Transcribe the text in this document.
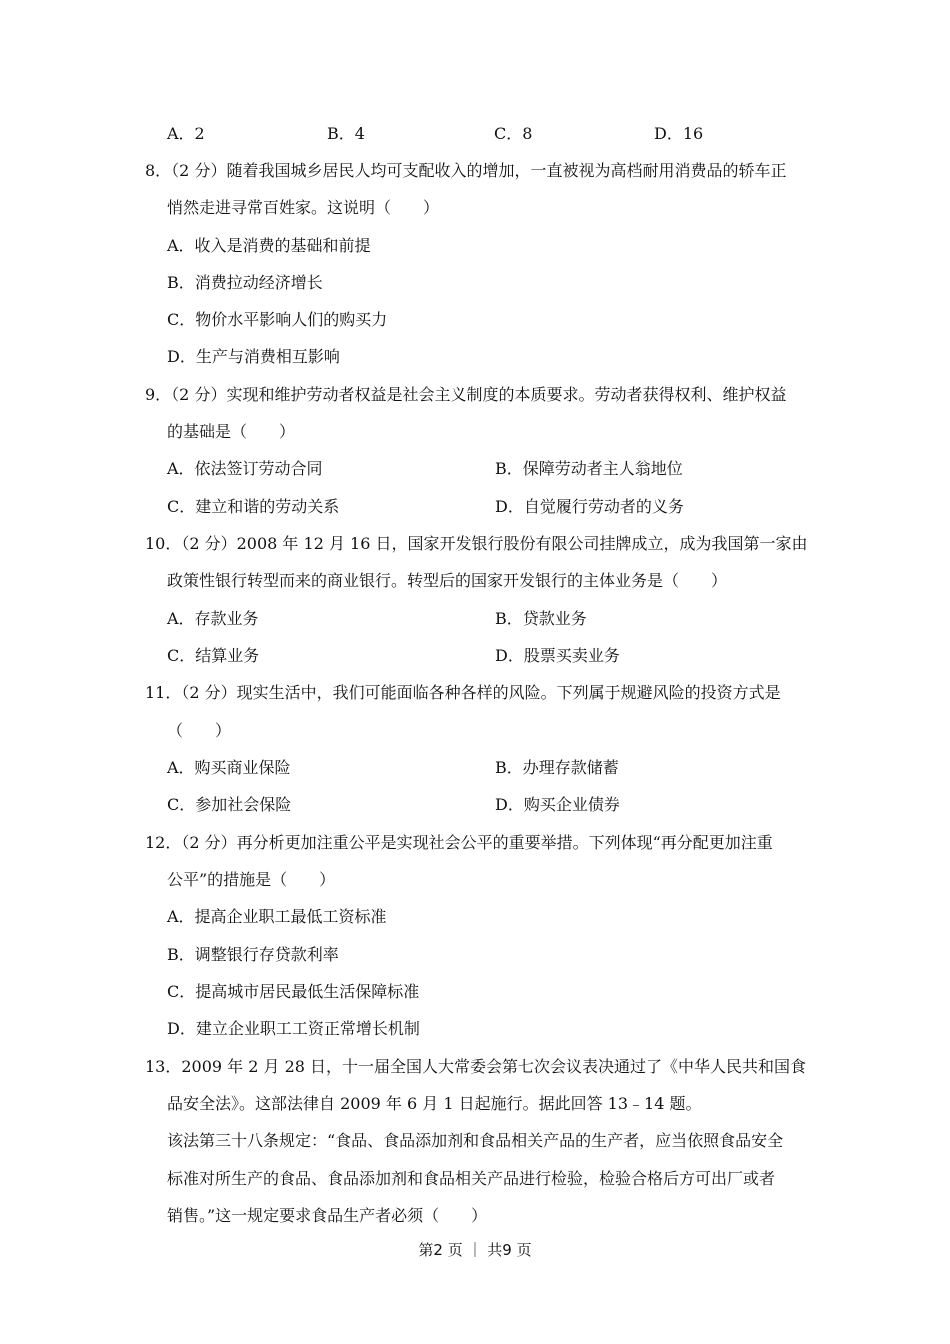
A．2	B．4	C．8	D．16
8．（2 分）随着我国城乡居民人均可支配收入的增加，一直被视为高档耐用消费品的轿车正
悄然走进寻常百姓家。这说明（　　）
A．收入是消费的基础和前提
B．消费拉动经济增长
C．物价水平影响人们的购买力
D．生产与消费相互影响
9．（2 分）实现和维护劳动者权益是社会主义制度的本质要求。劳动者获得权利、维护权益
的基础是（　　）
A．依法签订劳动合同	B．保障劳动者主人翁地位
C．建立和谐的劳动关系	D．自觉履行劳动者的义务
10．（2 分）2008 年 12 月 16 日，国家开发银行股份有限公司挂牌成立，成为我国第一家由
政策性银行转型而来的商业银行。转型后的国家开发银行的主体业务是（　　）
A．存款业务	B．贷款业务
C．结算业务	D．股票买卖业务
11．（2 分）现实生活中，我们可能面临各种各样的风险。下列属于规避风险的投资方式是
（　　）
A．购买商业保险	B．办理存款储蓄
C．参加社会保险	D．购买企业债券
12．（2 分）再分析更加注重公平是实现社会公平的重要举措。下列体现“再分配更加注重
公平”的措施是（　　）
A．提高企业职工最低工资标准
B．调整银行存贷款利率
C．提高城市居民最低生活保障标准
D．建立企业职工工资正常增长机制
13．2009 年 2 月 28 日，十一届全国人大常委会第七次会议表决通过了《中华人民共和国食
品安全法》。这部法律自 2009 年 6 月 1 日起施行。据此回答 13﹣14 题。
该法第三十八条规定：“食品、食品添加剂和食品相关产品的生产者，应当依照食品安全
标准对所生产的食品、食品添加剂和食品相关产品进行检验，检验合格后方可出厂或者
销售。”这一规定要求食品生产者必须（　　）
第2 页 ｜ 共9 页
